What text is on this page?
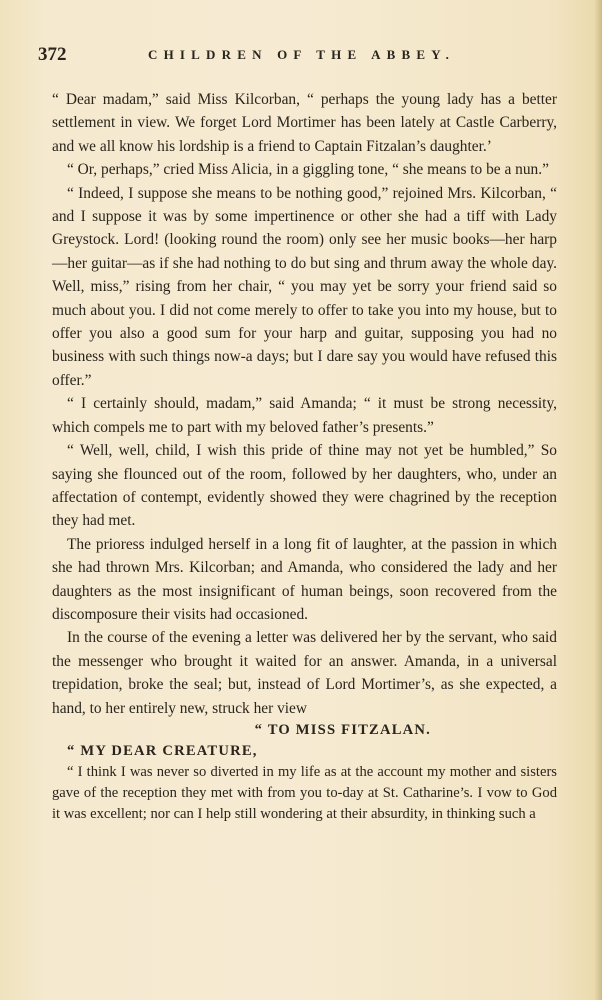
372	CHILDREN OF THE ABBEY.

“ Dear madam,” said Miss Kilcorban, “ perhaps the young lady has a better settlement in view. We forget Lord Mortimer has been lately at Castle Carberry, and we all know his lordship is a friend to Captain Fitzalan’s daughter.’

“ Or, perhaps,” cried Miss Alicia, in a giggling tone, “ she means to be a nun.”

“ Indeed, I suppose she means to be nothing good,” rejoined Mrs. Kilcorban, “ and I suppose it was by some impertinence or other she had a tiff with Lady Greystock. Lord! (looking round the room) only see her music books—her harp—her guitar—as if she had nothing to do but sing and thrum away the whole day. Well, miss,” rising from her chair, “ you may yet be sorry your friend said so much about you. I did not come merely to offer to take you into my house, but to offer you also a good sum for your harp and guitar, supposing you had no business with such things now-a days; but I dare say you would have refused this offer.”

“ I certainly should, madam,” said Amanda; “ it must be strong necessity, which compels me to part with my beloved father’s presents.”

“ Well, well, child, I wish this pride of thine may not yet be humbled,” So saying she flounced out of the room, followed by her daughters, who, under an affectation of contempt, evidently showed they were chagrined by the reception they had met.

The prioress indulged herself in a long fit of laughter, at the passion in which she had thrown Mrs. Kilcorban; and Amanda, who considered the lady and her daughters as the most insignificant of human beings, soon recovered from the discomposure their visits had occasioned.

In the course of the evening a letter was delivered her by the servant, who said the messenger who brought it waited for an answer. Amanda, in a universal trepidation, broke the seal; but, instead of Lord Mortimer’s, as she expected, a hand, to her entirely new, struck her view

“ TO MISS FITZALAN.

“ MY DEAR CREATURE,

“ I think I was never so diverted in my life as at the account my mother and sisters gave of the reception they met with from you to-day at St. Catharine’s. I vow to God it was excellent; nor can I help still wondering at their absurdity, in thinking such a
